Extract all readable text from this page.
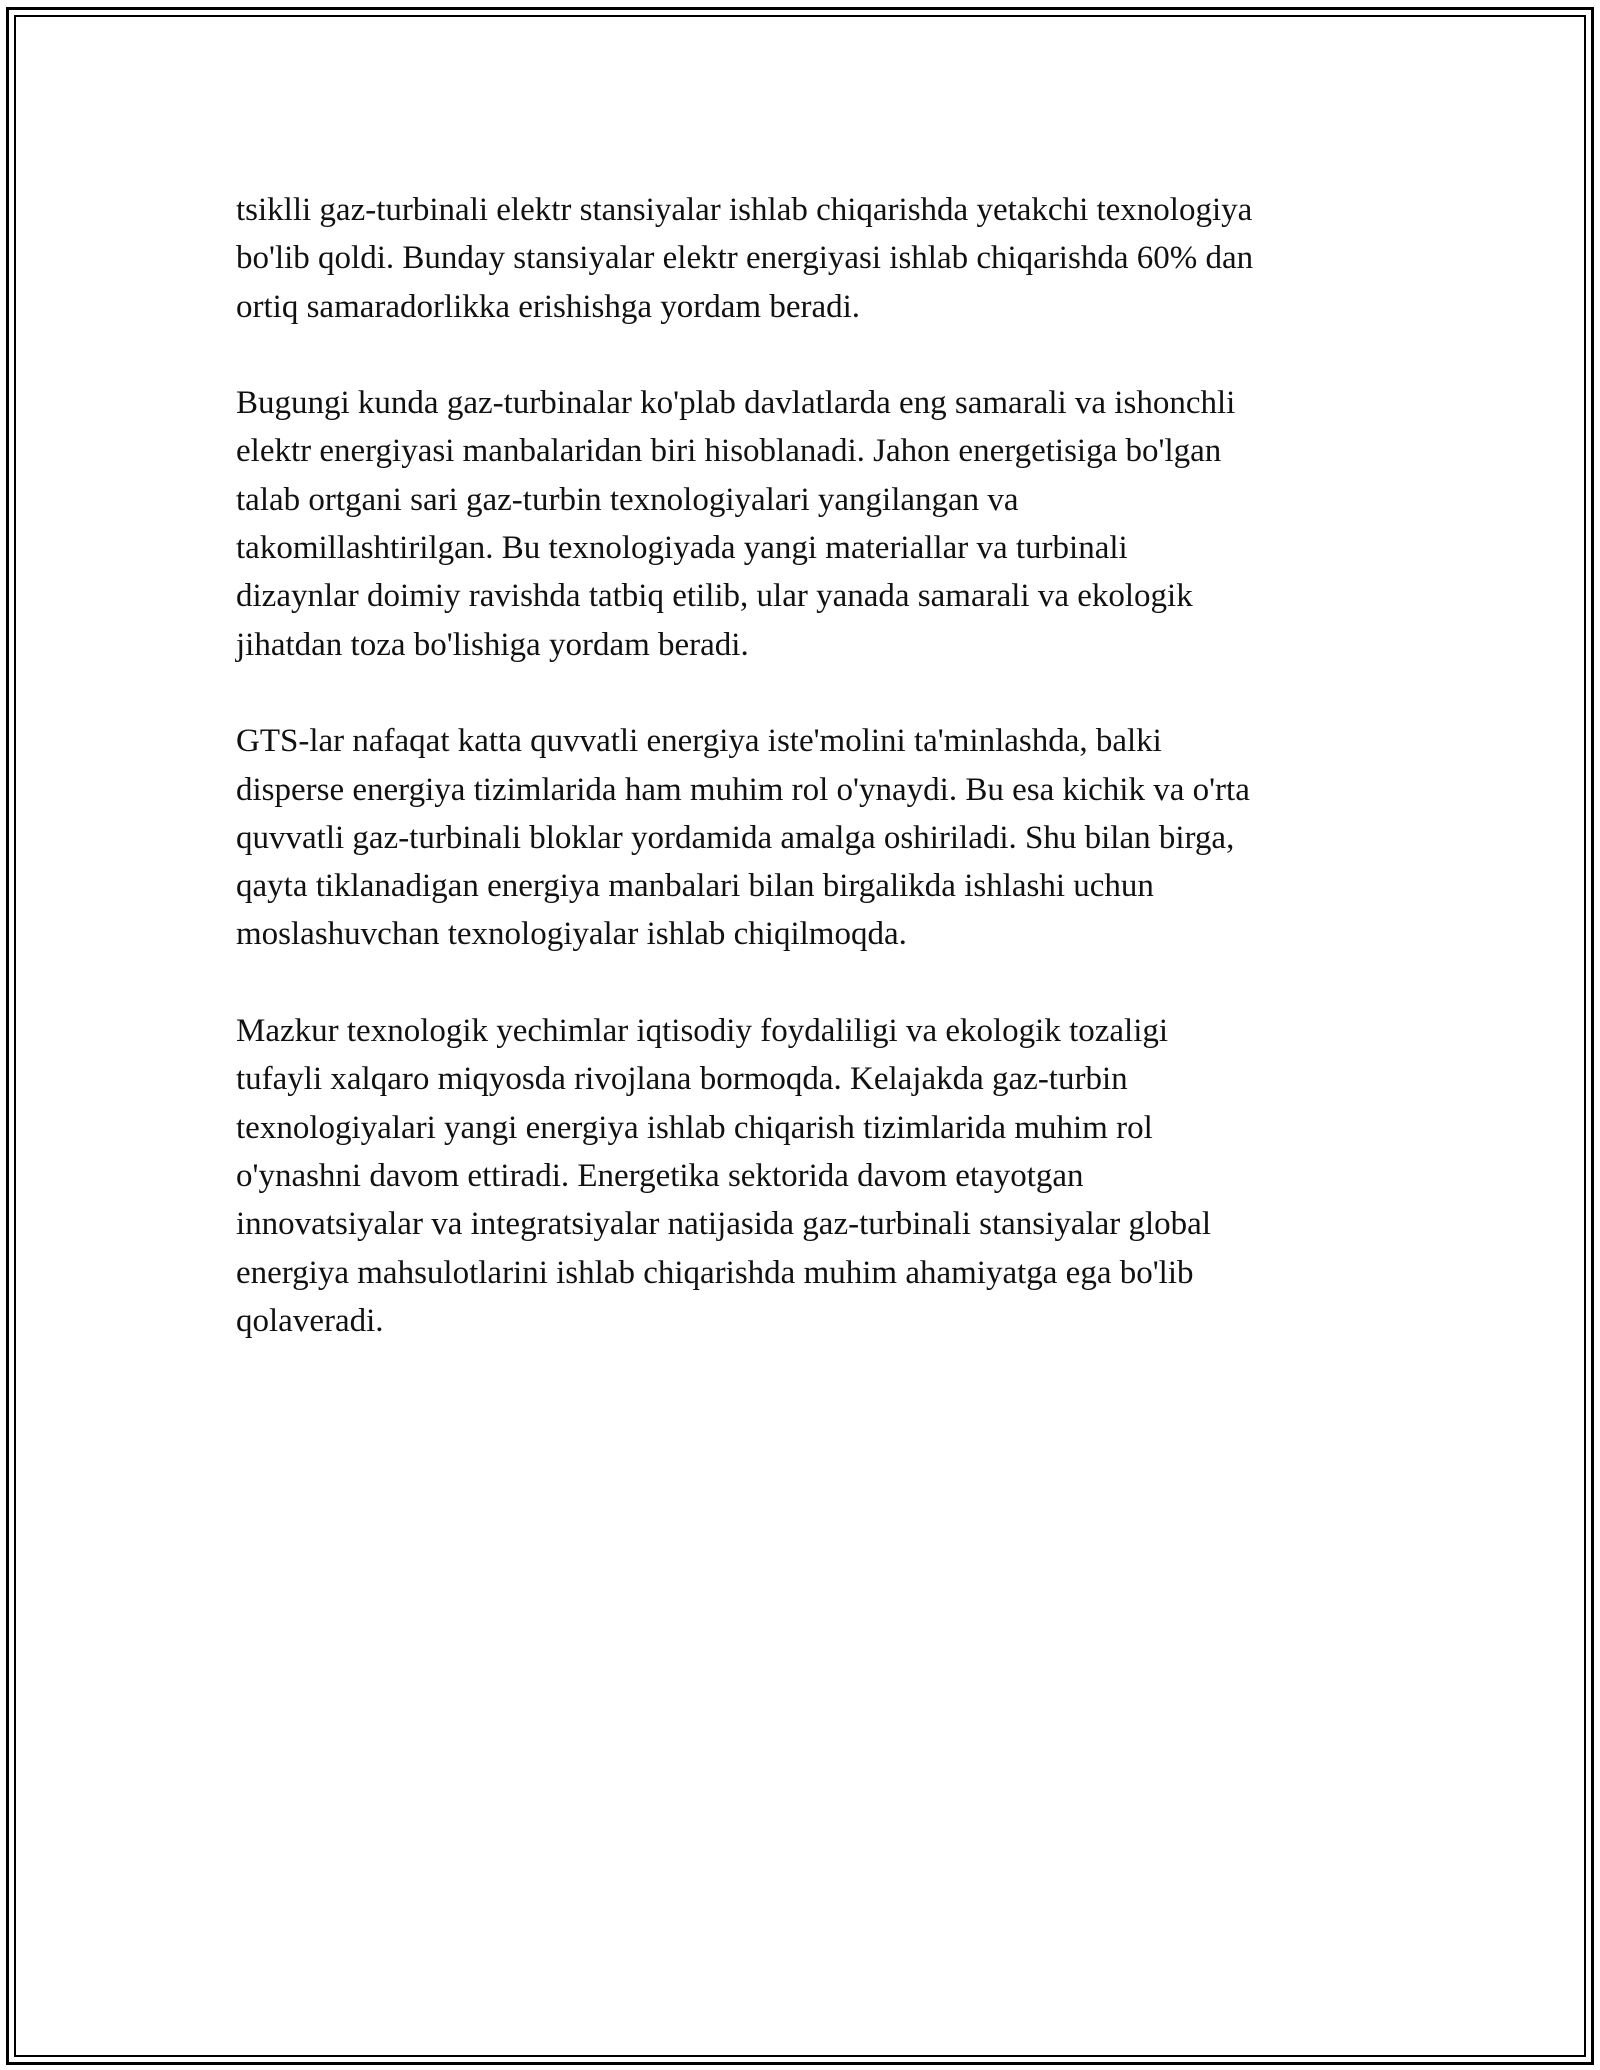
tsiklli gaz-turbinali elektr stansiyalar ishlab chiqarishda yetakchi texnologiya
bo'lib qoldi. Bunday stansiyalar elektr energiyasi ishlab chiqarishda 60% dan
ortiq samaradorlikka erishishga yordam beradi.

Bugungi kunda gaz-turbinalar ko'plab davlatlarda eng samarali va ishonchli
elektr energiyasi manbalaridan biri hisoblanadi. Jahon energetisiga bo'lgan
talab ortgani sari gaz-turbin texnologiyalari yangilangan va
takomillashtirilgan. Bu texnologiyada yangi materiallar va turbinali
dizaynlar doimiy ravishda tatbiq etilib, ular yanada samarali va ekologik
jihatdan toza bo'lishiga yordam beradi.

GTS-lar nafaqat katta quvvatli energiya iste'molini ta'minlashda, balki
disperse energiya tizimlarida ham muhim rol o'ynaydi. Bu esa kichik va o'rta
quvvatli gaz-turbinali bloklar yordamida amalga oshiriladi. Shu bilan birga,
qayta tiklanadigan energiya manbalari bilan birgalikda ishlashi uchun
moslashuvchan texnologiyalar ishlab chiqilmoqda.

Mazkur texnologik yechimlar iqtisodiy foydaliligi va ekologik tozaligi
tufayli xalqaro miqyosda rivojlana bormoqda. Kelajakda gaz-turbin
texnologiyalari yangi energiya ishlab chiqarish tizimlarida muhim rol
o'ynashni davom ettiradi. Energetika sektorida davom etayotgan
innovatsiyalar va integratsiyalar natijasida gaz-turbinali stansiyalar global
energiya mahsulotlarini ishlab chiqarishda muhim ahamiyatga ega bo'lib
qolaveradi.
